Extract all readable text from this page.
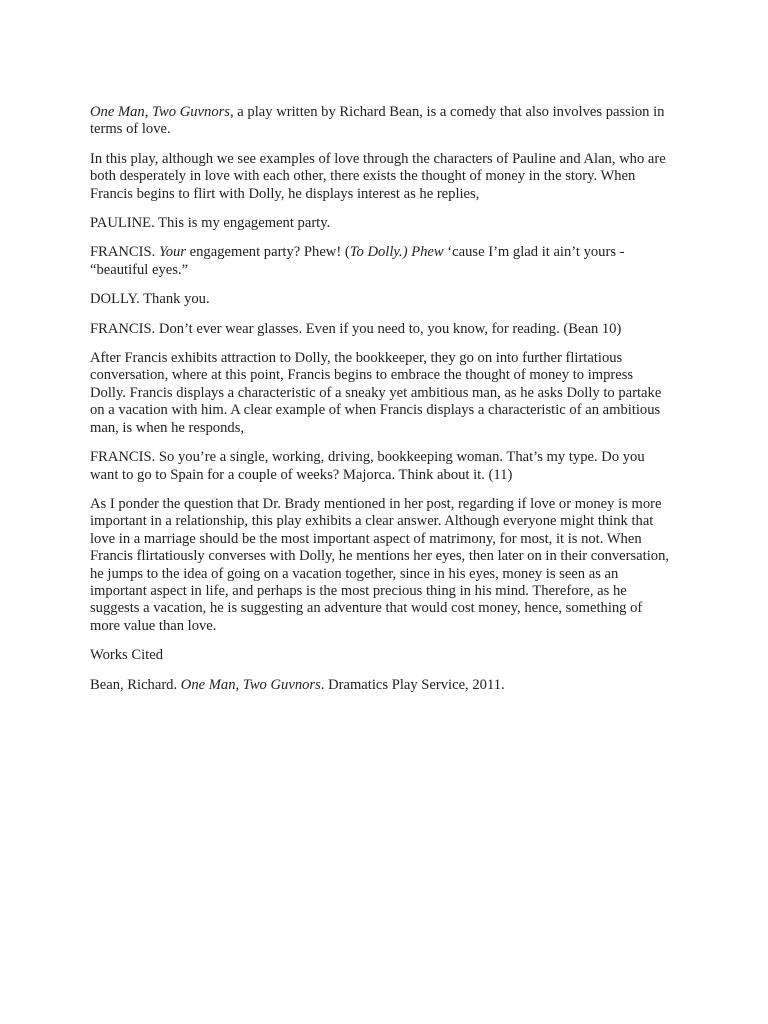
One Man, Two Guvnors, a play written by Richard Bean, is a comedy that also involves passion in terms of love.

In this play, although we see examples of love through the characters of Pauline and Alan, who are both desperately in love with each other, there exists the thought of money in the story. When Francis begins to flirt with Dolly, he displays interest as he replies,

PAULINE. This is my engagement party.

FRANCIS. Your engagement party? Phew! (To Dolly.) Phew ‘cause I’m glad it ain’t yours - “beautiful eyes.”

DOLLY. Thank you.

FRANCIS. Don’t ever wear glasses. Even if you need to, you know, for reading. (Bean 10)

After Francis exhibits attraction to Dolly, the bookkeeper, they go on into further flirtatious conversation, where at this point, Francis begins to embrace the thought of money to impress Dolly. Francis displays a characteristic of a sneaky yet ambitious man, as he asks Dolly to partake on a vacation with him. A clear example of when Francis displays a characteristic of an ambitious man, is when he responds,

FRANCIS. So you’re a single, working, driving, bookkeeping woman. That’s my type. Do you want to go to Spain for a couple of weeks? Majorca. Think about it. (11)

As I ponder the question that Dr. Brady mentioned in her post, regarding if love or money is more important in a relationship, this play exhibits a clear answer. Although everyone might think that love in a marriage should be the most important aspect of matrimony, for most, it is not. When Francis flirtatiously converses with Dolly, he mentions her eyes, then later on in their conversation, he jumps to the idea of going on a vacation together, since in his eyes, money is seen as an important aspect in life, and perhaps is the most precious thing in his mind. Therefore, as he suggests a vacation, he is suggesting an adventure that would cost money, hence, something of more value than love.

Works Cited

Bean, Richard. One Man, Two Guvnors. Dramatics Play Service, 2011.
